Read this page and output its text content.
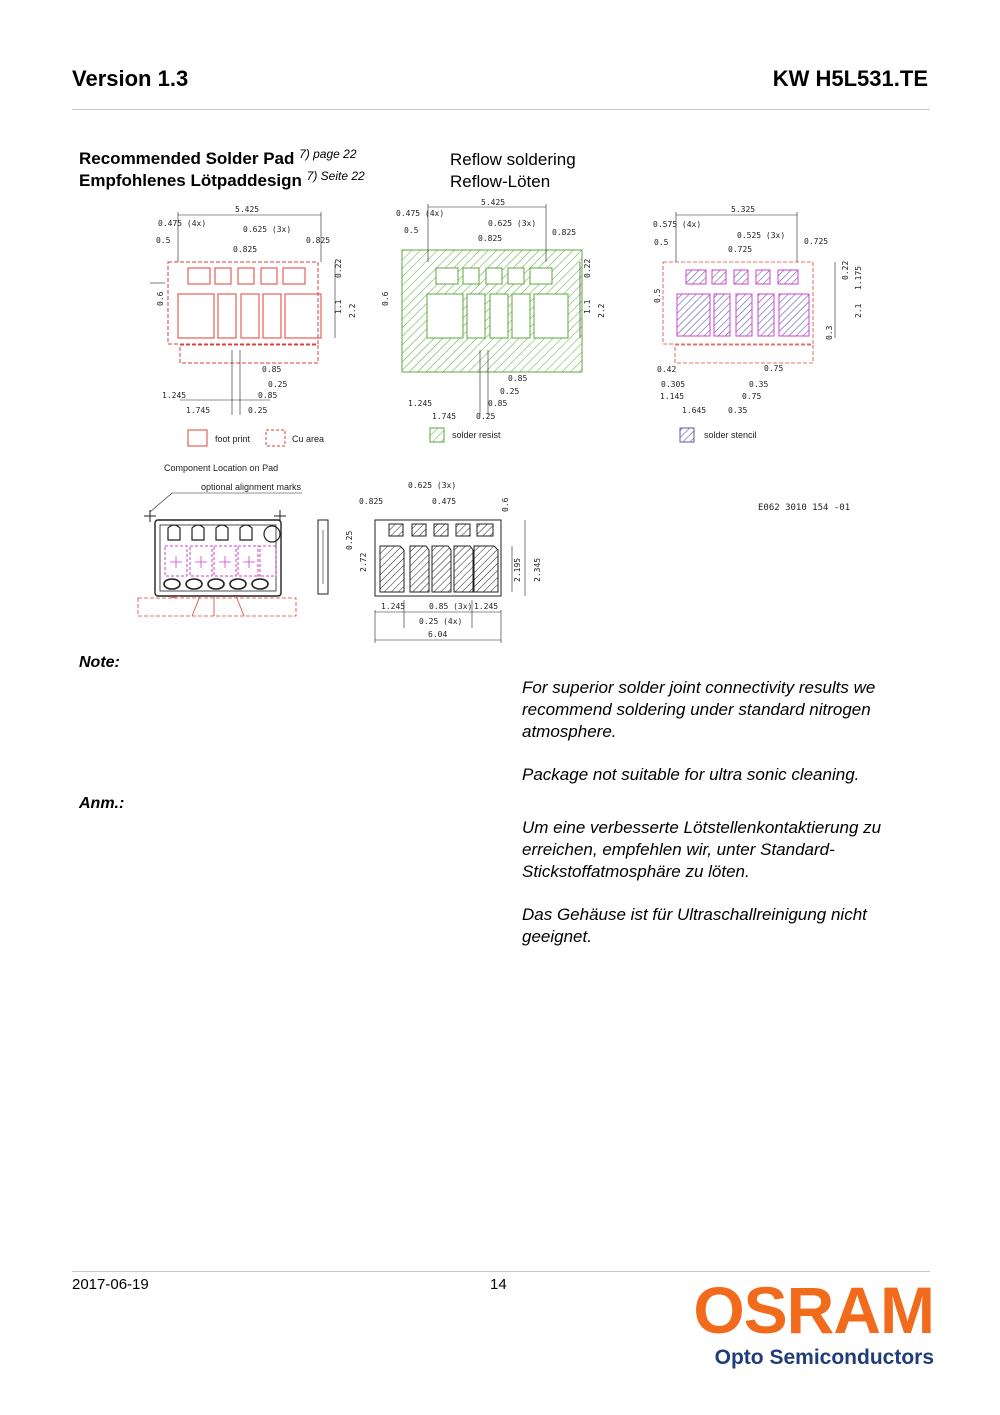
Version 1.3	KW H5L531.TE
Recommended Solder Pad $^{7) page 22}$
Empfohlenes Lötpaddesign $^{7) Seite 22}$
Reflow soldering
Reflow-Löten
5.425
0.475 (4x)
0.625 (3x)
0.5
0.825
0.825
0.6
0.22
1.1 2.2
0.85
0.25
1.245	0.85
1.745	0.25
5.425
0.475 (4x)
0.625 (3x)
0.5
0.825
0.825
0.6
0.22
1.1 2.2
0.85
0.25
1.245	0.85
1.745 0.25
5.325
0.575 (4x)
0.525 (3x)
0.5
0.725
0.725
0.5
0.22 1.175
2.1
0.3
0.42	0.75
0.305	0.35
1.145	0.75
1.645	0.35
foot print	Cu area	solder resist	solder stencil
Component Location on Pad
optional alignment marks	0.625 (3x)
0.825	0.475	0.6
0.25
2.72	2.195 2.345
1.245	0.85 (3x) 1.245
0.25 (4x)
6.04
E062 3010 154 -01
Note:
For superior solder joint connectivity results we recommend soldering under standard nitrogen atmosphere.
Package not suitable for ultra sonic cleaning.
Anm.:
Um eine verbesserte Lötstellenkontaktierung zu erreichen, empfehlen wir, unter Standard-Stickstoffatmosphäre zu löten.
Das Gehäuse ist für Ultraschallreinigung nicht geeignet.
2017-06-19	14	OSRAM
Opto Semiconductors
